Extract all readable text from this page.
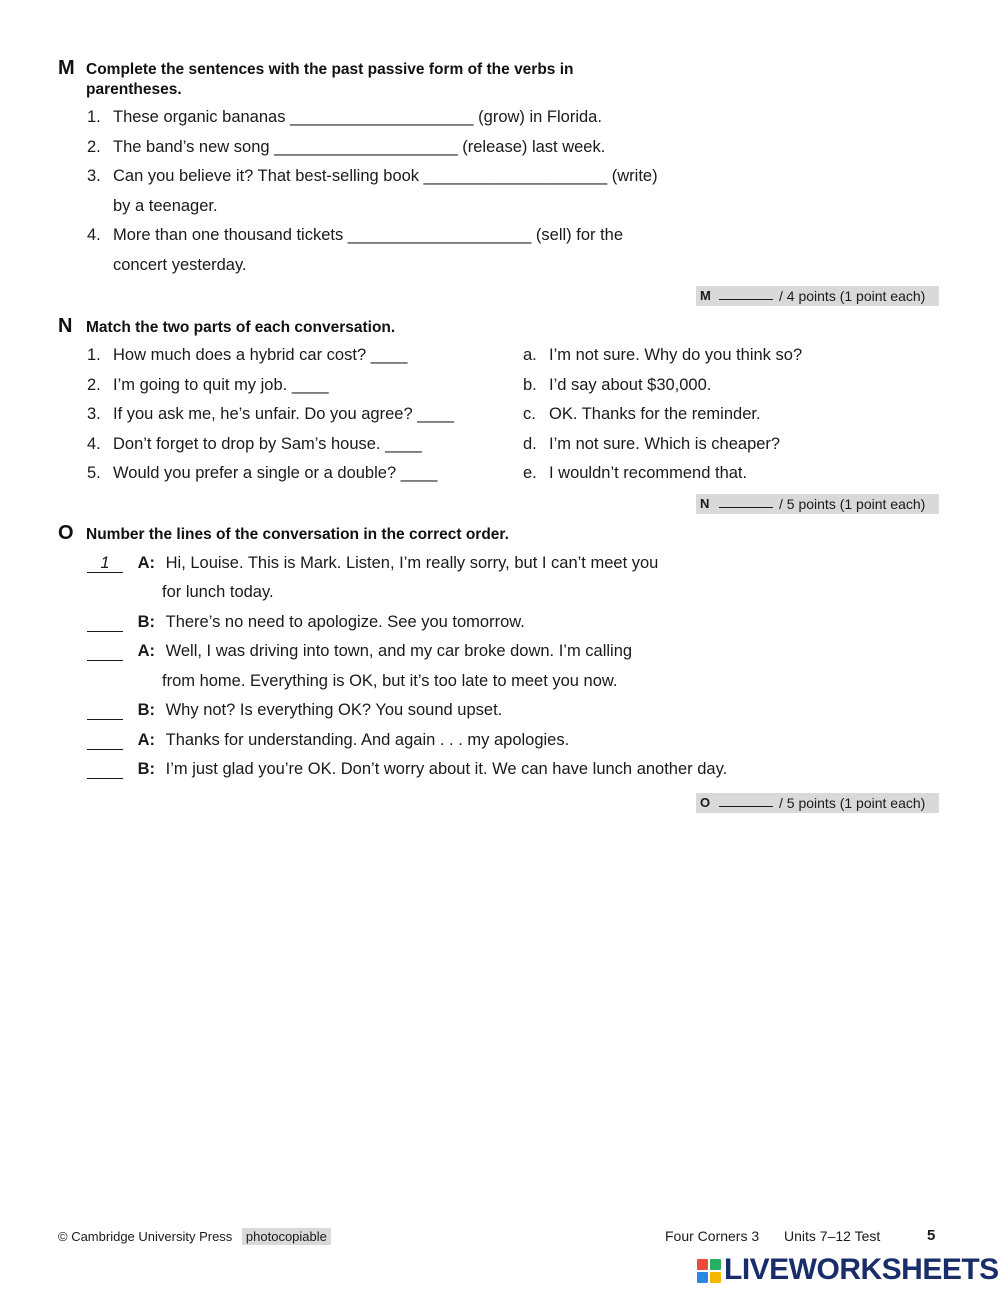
M Complete the sentences with the past passive form of the verbs in
parentheses.
1. These organic bananas ____________________ (grow) in Florida.
2. The band’s new song ____________________ (release) last week.
3. Can you believe it? That best-selling book ____________________ (write)
by a teenager.
4. More than one thousand tickets ____________________ (sell) for the
concert yesterday.
M	/ 4 points (1 point each)
N Match the two parts of each conversation.
1. How much does a hybrid car cost? ____
2. I’m going to quit my job. ____
3. If you ask me, he’s unfair. Do you agree? ____
4. Don’t forget to drop by Sam’s house. ____
5. Would you prefer a single or a double? ____
a. I’m not sure. Why do you think so?
b. I’d say about $30,000.
c. OK. Thanks for the reminder.
d. I’m not sure. Which is cheaper?
e. I wouldn’t recommend that.
N	/ 5 points (1 point each)
O Number the lines of the conversation in the correct order.
1 A: Hi, Louise. This is Mark. Listen, I’m really sorry, but I can’t meet you
for lunch today.
B: There’s no need to apologize. See you tomorrow.
A: Well, I was driving into town, and my car broke down. I’m calling
from home. Everything is OK, but it’s too late to meet you now.
B: Why not? Is everything OK? You sound upset.
A: Thanks for understanding. And again . . . my apologies.
B: I’m just glad you’re OK. Don’t worry about it. We can have lunch another day.
O	/ 5 points (1 point each)
© Cambridge University Press photocopiable	Four Corners 3 Units 7–12 Test	5
LIVEWORKSHEETS
